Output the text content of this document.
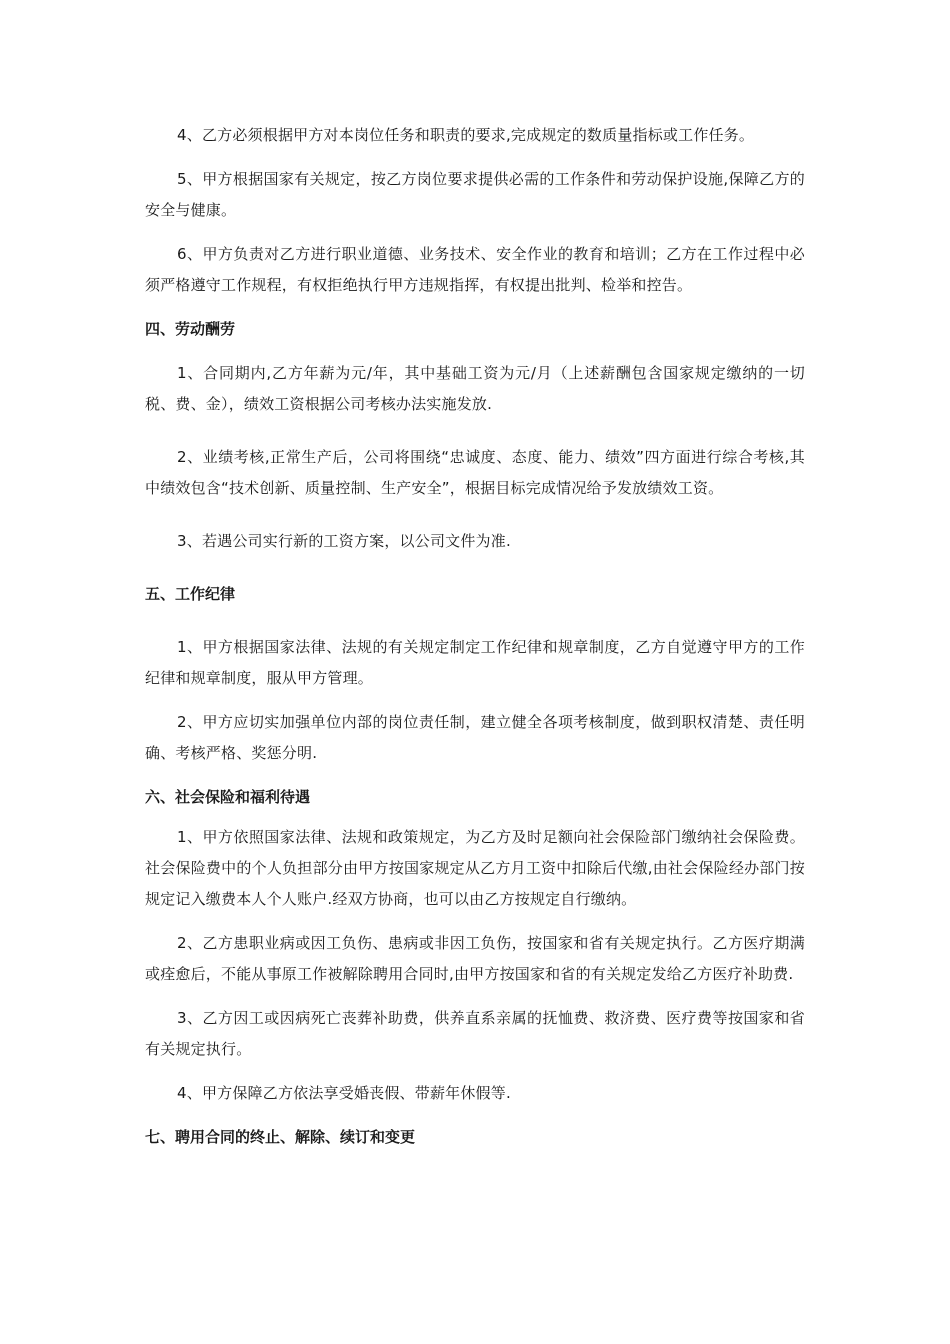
4、乙方必须根据甲方对本岗位任务和职责的要求,完成规定的数质量指标或工作任务。

5、甲方根据国家有关规定，按乙方岗位要求提供必需的工作条件和劳动保护设施,保障乙方的安全与健康。

6、甲方负责对乙方进行职业道德、业务技术、安全作业的教育和培训；乙方在工作过程中必须严格遵守工作规程，有权拒绝执行甲方违规指挥，有权提出批判、检举和控告。

四、劳动酬劳

1、合同期内,乙方年薪为元/年，其中基础工资为元/月（上述薪酬包含国家规定缴纳的一切税、费、金），绩效工资根据公司考核办法实施发放.

2、业绩考核,正常生产后，公司将围绕“忠诚度、态度、能力、绩效”四方面进行综合考核,其中绩效包含“技术创新、质量控制、生产安全”，根据目标完成情况给予发放绩效工资。

3、若遇公司实行新的工资方案，以公司文件为准.

五、工作纪律

1、甲方根据国家法律、法规的有关规定制定工作纪律和规章制度，乙方自觉遵守甲方的工作纪律和规章制度，服从甲方管理。

2、甲方应切实加强单位内部的岗位责任制，建立健全各项考核制度，做到职权清楚、责任明确、考核严格、奖惩分明.

六、社会保险和福利待遇

1、甲方依照国家法律、法规和政策规定，为乙方及时足额向社会保险部门缴纳社会保险费。社会保险费中的个人负担部分由甲方按国家规定从乙方月工资中扣除后代缴,由社会保险经办部门按规定记入缴费本人个人账户.经双方协商，也可以由乙方按规定自行缴纳。

2、乙方患职业病或因工负伤、患病或非因工负伤，按国家和省有关规定执行。乙方医疗期满或痊愈后，不能从事原工作被解除聘用合同时,由甲方按国家和省的有关规定发给乙方医疗补助费.

3、乙方因工或因病死亡丧葬补助费，供养直系亲属的抚恤费、救济费、医疗费等按国家和省有关规定执行。

4、甲方保障乙方依法享受婚丧假、带薪年休假等.

七、聘用合同的终止、解除、续订和变更
